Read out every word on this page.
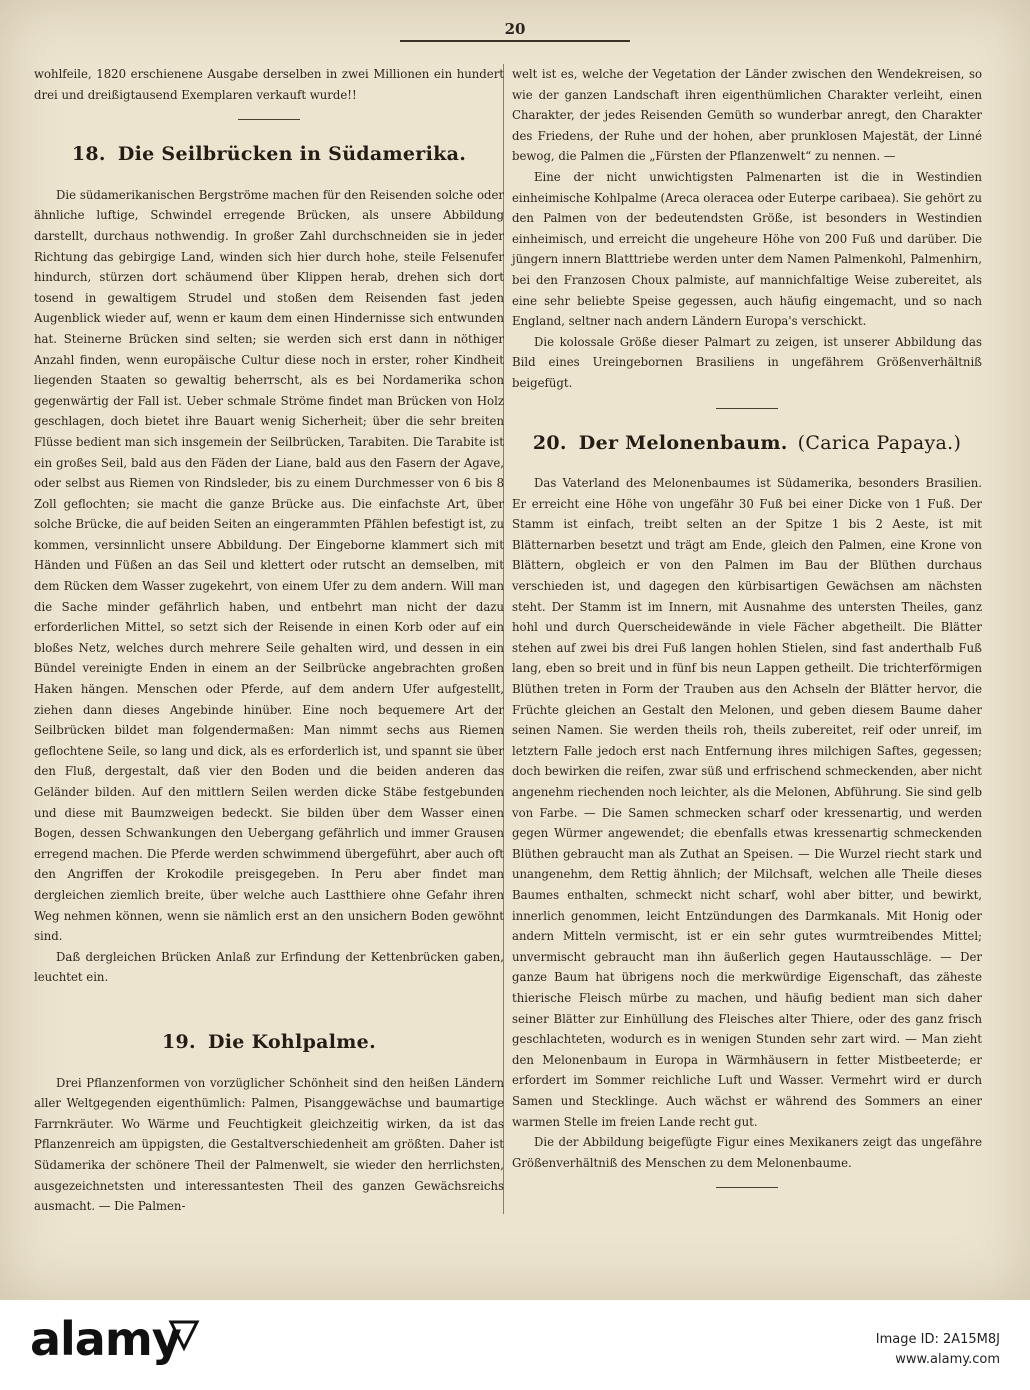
20

wohlfeile, 1820 erschienene Ausgabe derselben in zwei Millionen ein hundert drei und dreißigtausend Exemplaren verkauft wurde!!

18. Die Seilbrücken in Südamerika.

Die südamerikanischen Bergströme machen für den Reisenden solche oder ähnliche luftige, Schwindel erregende Brücken, als unsere Abbildung darstellt, durchaus nothwendig. In großer Zahl durchschneiden sie in jeder Richtung das gebirgige Land, winden sich hier durch hohe, steile Felsenufer hindurch, stürzen dort schäumend über Klippen herab, drehen sich dort tosend in gewaltigem Strudel und stoßen dem Reisenden fast jeden Augenblick wieder auf, wenn er kaum dem einen Hindernisse sich entwunden hat. Steinerne Brücken sind selten; sie werden sich erst dann in nöthiger Anzahl finden, wenn europäische Cultur diese noch in erster, roher Kindheit liegenden Staaten so gewaltig beherrscht, als es bei Nordamerika schon gegenwärtig der Fall ist. Ueber schmale Ströme findet man Brücken von Holz geschlagen, doch bietet ihre Bauart wenig Sicherheit; über die sehr breiten Flüsse bedient man sich insgemein der Seilbrücken, Tarabiten. Die Tarabite ist ein großes Seil, bald aus den Fäden der Liane, bald aus den Fasern der Agave, oder selbst aus Riemen von Rindsleder, bis zu einem Durchmesser von 6 bis 8 Zoll geflochten; sie macht die ganze Brücke aus. Die einfachste Art, über solche Brücke, die auf beiden Seiten an eingerammten Pfählen befestigt ist, zu kommen, versinnlicht unsere Abbildung. Der Eingeborne klammert sich mit Händen und Füßen an das Seil und klettert oder rutscht an demselben, mit dem Rücken dem Wasser zugekehrt, von einem Ufer zu dem andern. Will man die Sache minder gefährlich haben, und entbehrt man nicht der dazu erforderlichen Mittel, so setzt sich der Reisende in einen Korb oder auf ein bloßes Netz, welches durch mehrere Seile gehalten wird, und dessen in ein Bündel vereinigte Enden in einem an der Seilbrücke angebrachten großen Haken hängen. Menschen oder Pferde, auf dem andern Ufer aufgestellt, ziehen dann dieses Angebinde hinüber. Eine noch bequemere Art der Seilbrücken bildet man folgendermaßen: Man nimmt sechs aus Riemen geflochtene Seile, so lang und dick, als es erforderlich ist, und spannt sie über den Fluß, dergestalt, daß vier den Boden und die beiden anderen das Geländer bilden. Auf den mittlern Seilen werden dicke Stäbe festgebunden und diese mit Baumzweigen bedeckt. Sie bilden über dem Wasser einen Bogen, dessen Schwankungen den Uebergang gefährlich und immer Grausen erregend machen. Die Pferde werden schwimmend übergeführt, aber auch oft den Angriffen der Krokodile preisgegeben. In Peru aber findet man dergleichen ziemlich breite, über welche auch Lastthiere ohne Gefahr ihren Weg nehmen können, wenn sie nämlich erst an den unsichern Boden gewöhnt sind.

Daß dergleichen Brücken Anlaß zur Erfindung der Kettenbrücken gaben, leuchtet ein.

19. Die Kohlpalme.

Drei Pflanzenformen von vorzüglicher Schönheit sind den heißen Ländern aller Weltgegenden eigenthümlich: Palmen, Pisanggewächse und baumartige Farrnkräuter. Wo Wärme und Feuchtigkeit gleichzeitig wirken, da ist das Pflanzenreich am üppigsten, die Gestaltverschiedenheit am größten. Daher ist Südamerika der schönere Theil der Palmenwelt, sie wieder den herrlichsten, ausgezeichnetsten und interessantesten Theil des ganzen Gewächsreichs ausmacht. — Die Palmen-

welt ist es, welche der Vegetation der Länder zwischen den Wendekreisen, so wie der ganzen Landschaft ihren eigenthümlichen Charakter verleiht, einen Charakter, der jedes Reisenden Gemüth so wunderbar anregt, den Charakter des Friedens, der Ruhe und der hohen, aber prunklosen Majestät, der Linné bewog, die Palmen die „Fürsten der Pflanzenwelt“ zu nennen. —

Eine der nicht unwichtigsten Palmenarten ist die in Westindien einheimische Kohlpalme (Areca oleracea oder Euterpe caribaea). Sie gehört zu den Palmen von der bedeutendsten Größe, ist besonders in Westindien einheimisch, und erreicht die ungeheure Höhe von 200 Fuß und darüber. Die jüngern innern Blatttriebe werden unter dem Namen Palmenkohl, Palmenhirn, bei den Franzosen Choux palmiste, auf mannichfaltige Weise zubereitet, als eine sehr beliebte Speise gegessen, auch häufig eingemacht, und so nach England, seltner nach andern Ländern Europa's verschickt.

Die kolossale Größe dieser Palmart zu zeigen, ist unserer Abbildung das Bild eines Ureingebornen Brasiliens in ungefährem Größenverhältniß beigefügt.

20. Der Melonenbaum. (Carica Papaya.)

Das Vaterland des Melonenbaumes ist Südamerika, besonders Brasilien. Er erreicht eine Höhe von ungefähr 30 Fuß bei einer Dicke von 1 Fuß. Der Stamm ist einfach, treibt selten an der Spitze 1 bis 2 Aeste, ist mit Blätternarben besetzt und trägt am Ende, gleich den Palmen, eine Krone von Blättern, obgleich er von den Palmen im Bau der Blüthen durchaus verschieden ist, und dagegen den kürbisartigen Gewächsen am nächsten steht. Der Stamm ist im Innern, mit Ausnahme des untersten Theiles, ganz hohl und durch Querscheidewände in viele Fächer abgetheilt. Die Blätter stehen auf zwei bis drei Fuß langen hohlen Stielen, sind fast anderthalb Fuß lang, eben so breit und in fünf bis neun Lappen getheilt. Die trichterförmigen Blüthen treten in Form der Trauben aus den Achseln der Blätter hervor, die Früchte gleichen an Gestalt den Melonen, und geben diesem Baume daher seinen Namen. Sie werden theils roh, theils zubereitet, reif oder unreif, im letztern Falle jedoch erst nach Entfernung ihres milchigen Saftes, gegessen; doch bewirken die reifen, zwar süß und erfrischend schmeckenden, aber nicht angenehm riechenden noch leichter, als die Melonen, Abführung. Sie sind gelb von Farbe. — Die Samen schmecken scharf oder kressenartig, und werden gegen Würmer angewendet; die ebenfalls etwas kressenartig schmeckenden Blüthen gebraucht man als Zuthat an Speisen. — Die Wurzel riecht stark und unangenehm, dem Rettig ähnlich; der Milchsaft, welchen alle Theile dieses Baumes enthalten, schmeckt nicht scharf, wohl aber bitter, und bewirkt, innerlich genommen, leicht Entzündungen des Darmkanals. Mit Honig oder andern Mitteln vermischt, ist er ein sehr gutes wurmtreibendes Mittel; unvermischt gebraucht man ihn äußerlich gegen Hautausschläge. — Der ganze Baum hat übrigens noch die merkwürdige Eigenschaft, das zäheste thierische Fleisch mürbe zu machen, und häufig bedient man sich daher seiner Blätter zur Einhüllung des Fleisches alter Thiere, oder des ganz frisch geschlachteten, wodurch es in wenigen Stunden sehr zart wird. — Man zieht den Melonenbaum in Europa in Wärmhäusern in fetter Mistbeeterde; er erfordert im Sommer reichliche Luft und Wasser. Vermehrt wird er durch Samen und Stecklinge. Auch wächst er während des Sommers an einer warmen Stelle im freien Lande recht gut.

Die der Abbildung beigefügte Figur eines Mexikaners zeigt das ungefähre Größenverhältniß des Menschen zu dem Melonenbaume.

alamy	Image ID: 2A15M8J
www.alamy.com
